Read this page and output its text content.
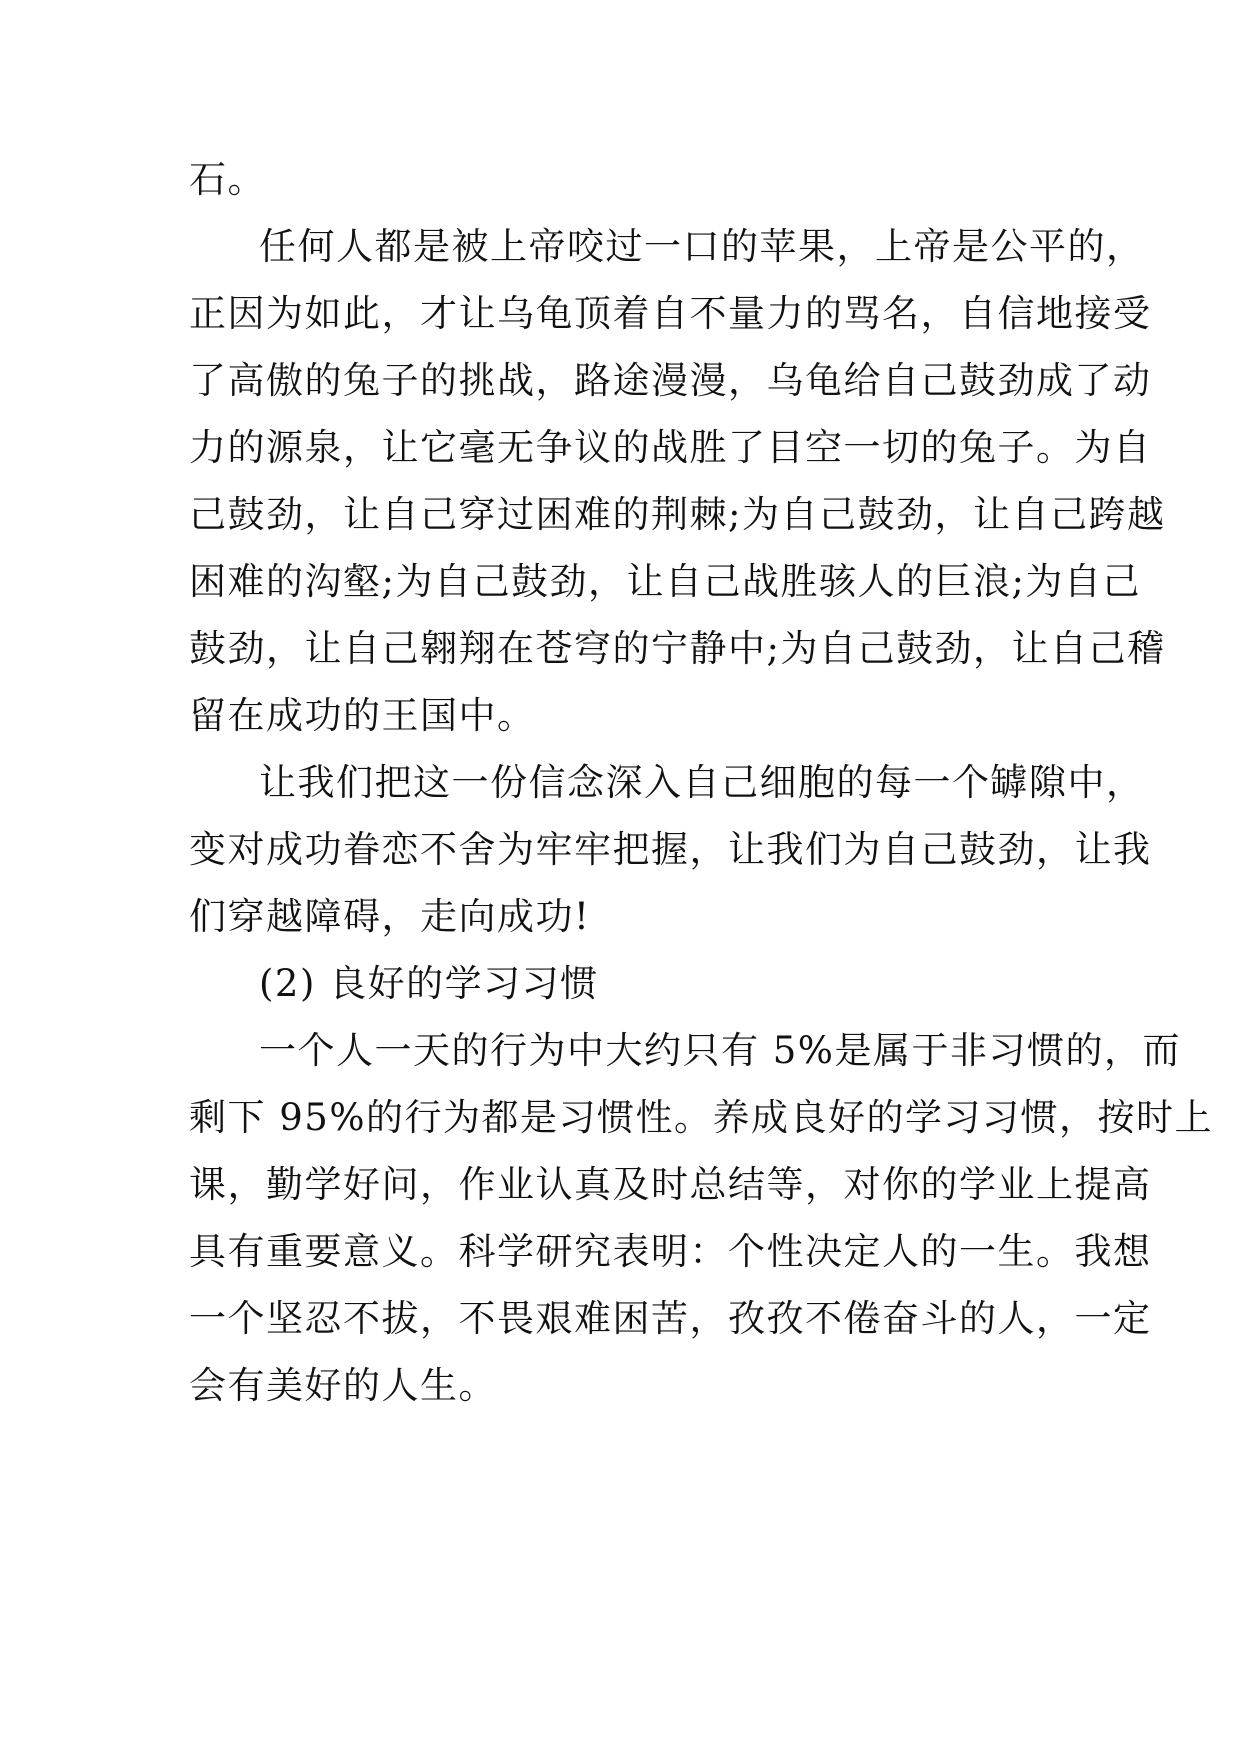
石。
任何人都是被上帝咬过一口的苹果，上帝是公平的，
正因为如此，才让乌龟顶着自不量力的骂名，自信地接受
了高傲的兔子的挑战，路途漫漫，乌龟给自己鼓劲成了动
力的源泉，让它毫无争议的战胜了目空一切的兔子。为自
己鼓劲，让自己穿过困难的荆棘;为自己鼓劲，让自己跨越
困难的沟壑;为自己鼓劲，让自己战胜骇人的巨浪;为自己
鼓劲，让自己翱翔在苍穹的宁静中;为自己鼓劲，让自己稽
留在成功的王国中。
让我们把这一份信念深入自己细胞的每一个罅隙中，
变对成功眷恋不舍为牢牢把握，让我们为自己鼓劲，让我
们穿越障碍，走向成功!
(2) 良好的学习习惯
一个人一天的行为中大约只有 5%是属于非习惯的，而
剩下 95%的行为都是习惯性。养成良好的学习习惯，按时上
课，勤学好问，作业认真及时总结等，对你的学业上提高
具有重要意义。科学研究表明：个性决定人的一生。我想
一个坚忍不拔，不畏艰难困苦，孜孜不倦奋斗的人，一定
会有美好的人生。
